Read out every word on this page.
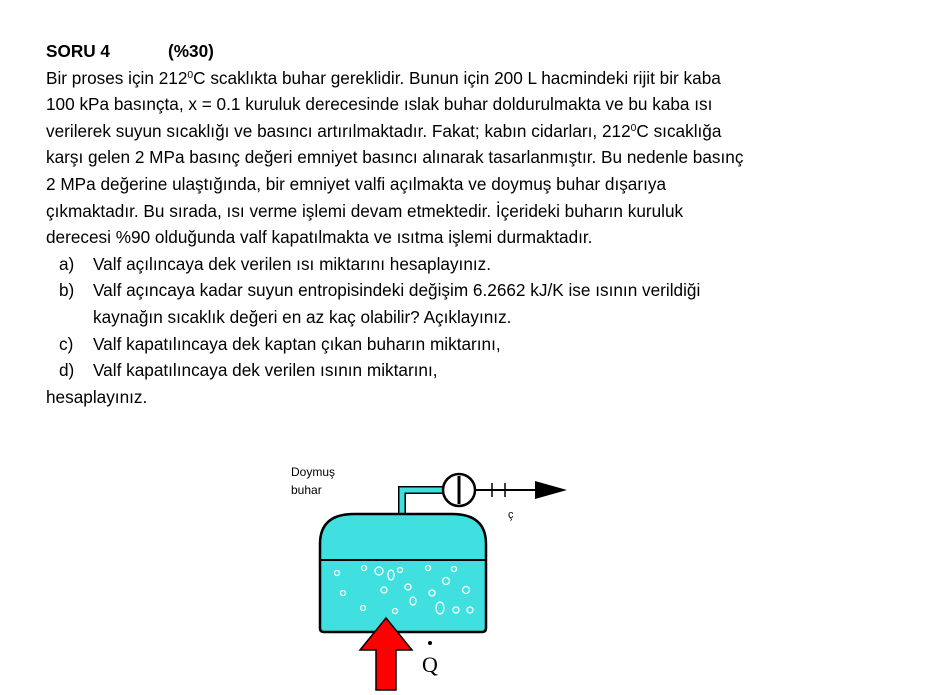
SORU 4	(%30)
Bir proses için $212^0C$ scaklıkta buhar gereklidir. Bunun için 200 L hacmindeki rijit bir kaba
100 kPa basınçta, x = 0.1 kuruluk derecesinde ıslak buhar doldurulmakta ve bu kaba ısı
verilerek suyun sıcaklığı ve basıncı artırılmaktadır. Fakat; kabın cidarları, $212^0C$ sıcaklığa
karşı gelen 2 MPa basınç değeri emniyet basıncı alınarak tasarlanmıştır. Bu nedenle basınç
2 MPa değerine ulaştığında, bir emniyet valfi açılmakta ve doymuş buhar dışarıya
çıkmaktadır. Bu sırada, ısı verme işlemi devam etmektedir. İçerideki buharın kuruluk
derecesi %90 olduğunda valf kapatılmakta ve ısıtma işlemi durmaktadır.
a) Valf açılıncaya dek verilen ısı miktarını hesaplayınız.
b) Valf açıncaya kadar suyun entropisindeki değişim 6.2662 kJ/K ise ısının verildiği
kaynağın sıcaklık değeri en az kaç olabilir? Açıklayınız.
c) Valf kapatılıncaya dek kaptan çıkan buharın miktarını,
d) Valf kapatılıncaya dek verilen ısının miktarını,
hesaplayınız.
Doymuş
buhar
ç
Q
